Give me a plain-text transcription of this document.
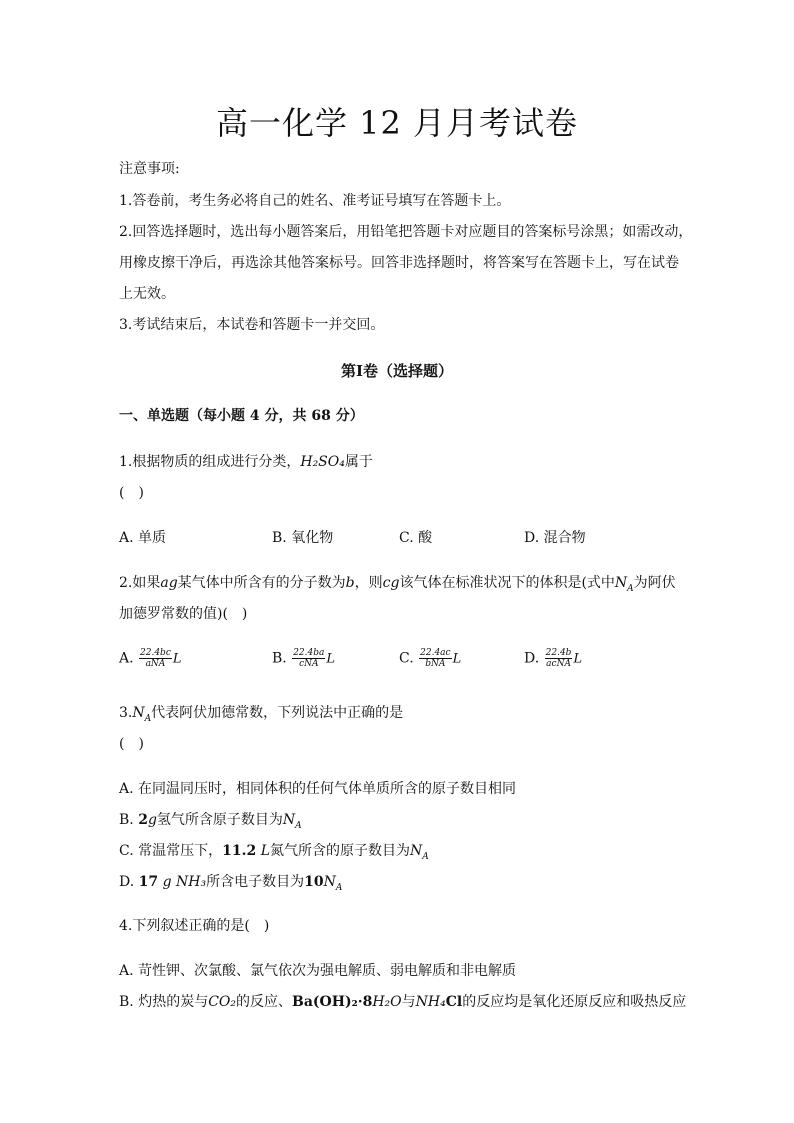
高一化学 12 月月考试卷
注意事项:
1.答卷前，考生务必将自己的姓名、准考证号填写在答题卡上。
2.回答选择题时，选出每小题答案后，用铅笔把答题卡对应题目的答案标号涂黑；如需改动，
用橡皮擦干净后，再选涂其他答案标号。回答非选择题时，将答案写在答题卡上，写在试卷
上无效。
3.考试结束后，本试卷和答题卡一并交回。
第Ⅰ卷（选择题）
一、单选题（每小题 4 分，共 68 分）
1.根据物质的组成进行分类，H₂SO₄属于
(　)
A. 单质	B. 氧化物	C. 酸	D. 混合物
2.如果ag某气体中所含有的分子数为b，则cg该气体在标准状况下的体积是(式中$N_A$为阿伏
加德罗常数的值)(　)
A. $\frac{22.4bc}{\text{aNA}}$ L	B. $\frac{22.4ba}{\text{cNA}}$ L	C. $\frac{22.4ac}{\text{bNA}}$ L	D. $\frac{22.4b}{\text{acNA}}$ L
$3.N_A$代表阿伏加德常数，下列说法中正确的是
(　)
A. 在同温同压时，相同体积的任何气体单质所含的原子数目相同
B. 2g氢气所含原子数目为$N_A$
C. 常温常压下，11.2 L氮气所含的原子数目为$N_A$
D. 17 g NH₃所含电子数目为$10N_A$
4.下列叙述正确的是(　)
A. 苛性钾、次氯酸、氯气依次为强电解质、弱电解质和非电解质
B. 灼热的炭与CO₂的反应、Ba(OH)₂·8H₂O与NH₄Cl的反应均是氧化还原反应和吸热反应
